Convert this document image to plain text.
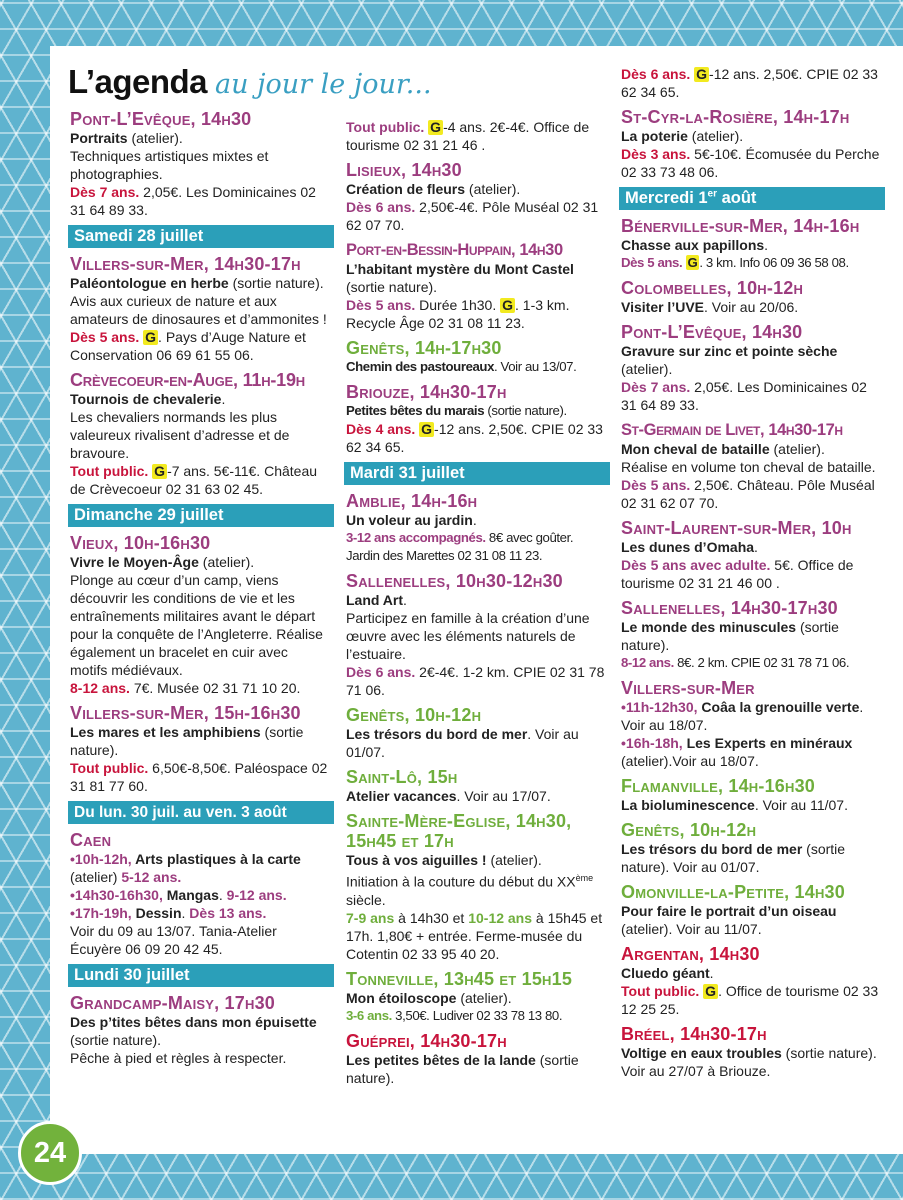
L’agenda au jour le jour...
Pont-L’Evêque, 14h30
Portraits (atelier).
Techniques artistiques mixtes et photographies.
Dès 7 ans. 2,05€. Les Dominicaines 02 31 64 89 33.
Samedi 28 juillet
Villers-sur-Mer, 14h30-17h
Paléontologue en herbe (sortie nature). Avis aux curieux de nature et aux amateurs de dinosaures et d’ammonites !
Dès 5 ans. G . Pays d’Auge Nature et Conservation 06 69 61 55 06.
Crèvecoeur-en-Auge, 11h-19h
Tournois de chevalerie.
Les chevaliers normands les plus valeureux rivalisent d’adresse et de bravoure.
Tout public. G -7 ans. 5€-11€. Château de Crèvecoeur 02 31 63 02 45.
Dimanche 29 juillet
Vieux, 10h-16h30
Vivre le Moyen-Âge (atelier).
Plonge au cœur d’un camp, viens découvrir les conditions de vie et les entraînements militaires avant le départ pour la conquête de l’Angleterre. Réalise également un bracelet en cuir avec motifs médiévaux.
8-12 ans. 7€. Musée 02 31 71 10 20.
Villers-sur-Mer, 15h-16h30
Les mares et les amphibiens (sortie nature).
Tout public. 6,50€-8,50€. Paléospace 02 31 81 77 60.
Du lun. 30 juil. au ven. 3 août
Caen
•10h-12h, Arts plastiques à la carte (atelier) 5-12 ans.
•14h30-16h30, Mangas. 9-12 ans.
•17h-19h, Dessin. Dès 13 ans.
Voir du 09 au 13/07. Tania-Atelier Écuyère 06 09 20 42 45.
Lundi 30 juillet
Grandcamp-Maisy, 17h30
Des p’tites bêtes dans mon épuisette (sortie nature).
Pêche à pied et règles à respecter.
Tout public. G -4 ans. 2€-4€. Office de tourisme 02 31 21 46 .
Lisieux, 14h30
Création de fleurs (atelier).
Dès 6 ans. 2,50€-4€. Pôle Muséal 02 31 62 07 70.
Port-en-Bessin-Huppain, 14h30
L’habitant mystère du Mont Castel (sortie nature).
Dès 5 ans. Durée 1h30. G . 1-3 km. Recycle Âge 02 31 08 11 23.
Genêts, 14h-17h30
Chemin des pastoureaux. Voir au 13/07.
Briouze, 14h30-17h
Petites bêtes du marais (sortie nature).
Dès 4 ans. G -12 ans. 2,50€. CPIE 02 33 62 34 65.
Mardi 31 juillet
Amblie, 14h-16h
Un voleur au jardin.
3-12 ans accompagnés. 8€ avec goûter. Jardin des Marettes 02 31 08 11 23.
Sallenelles, 10h30-12h30
Land Art.
Participez en famille à la création d’une œuvre avec les éléments naturels de l’estuaire.
Dès 6 ans. 2€-4€. 1-2 km. CPIE 02 31 78 71 06.
Genêts, 10h-12h
Les trésors du bord de mer. Voir au 01/07.
Saint-Lô, 15h
Atelier vacances. Voir au 17/07.
Sainte-Mère-Eglise, 14h30, 15h45 et 17h
Tous à vos aiguilles ! (atelier).
Initiation à la couture du début du XXème siècle.
7-9 ans à 14h30 et 10-12 ans à 15h45 et 17h. 1,80€ + entrée. Ferme-musée du Cotentin 02 33 95 40 20.
Tonneville, 13h45 et 15h15
Mon étoiloscope (atelier).
3-6 ans. 3,50€. Ludiver 02 33 78 13 80.
Guéprei, 14h30-17h
Les petites bêtes de la lande (sortie nature).
Dès 6 ans. G -12 ans. 2,50€. CPIE 02 33 62 34 65.
St-Cyr-la-Rosière, 14h-17h
La poterie (atelier).
Dès 3 ans. 5€-10€. Écomusée du Perche 02 33 73 48 06.
Mercredi 1er août
Bénerville-sur-Mer, 14h-16h
Chasse aux papillons.
Dès 5 ans. G . 3 km. Info 06 09 36 58 08.
Colombelles, 10h-12h
Visiter l’UVE. Voir au 20/06.
Pont-L’Evêque, 14h30
Gravure sur zinc et pointe sèche (atelier).
Dès 7 ans. 2,05€. Les Dominicaines 02 31 64 89 33.
St-Germain de Livet, 14h30-17h
Mon cheval de bataille (atelier).
Réalise en volume ton cheval de bataille.
Dès 5 ans. 2,50€. Château. Pôle Muséal 02 31 62 07 70.
Saint-Laurent-sur-Mer, 10h
Les dunes d’Omaha.
Dès 5 ans avec adulte. 5€. Office de tourisme 02 31 21 46 00 .
Sallenelles, 14h30-17h30
Le monde des minuscules (sortie nature).
8-12 ans. 8€. 2 km. CPIE 02 31 78 71 06.
Villers-sur-Mer
•11h-12h30, Coâa la grenouille verte. Voir au 18/07.
•16h-18h, Les Experts en minéraux (atelier).Voir au 18/07.
Flamanville, 14h-16h30
La bioluminescence. Voir au 11/07.
Genêts, 10h-12h
Les trésors du bord de mer (sortie nature). Voir au 01/07.
Omonville-la-Petite, 14h30
Pour faire le portrait d’un oiseau (atelier). Voir au 11/07.
Argentan, 14h30
Cluedo géant.
Tout public. G . Office de tourisme 02 33 12 25 25.
Bréel, 14h30-17h
Voltige en eaux troubles (sortie nature). Voir au 27/07 à Briouze.
24
